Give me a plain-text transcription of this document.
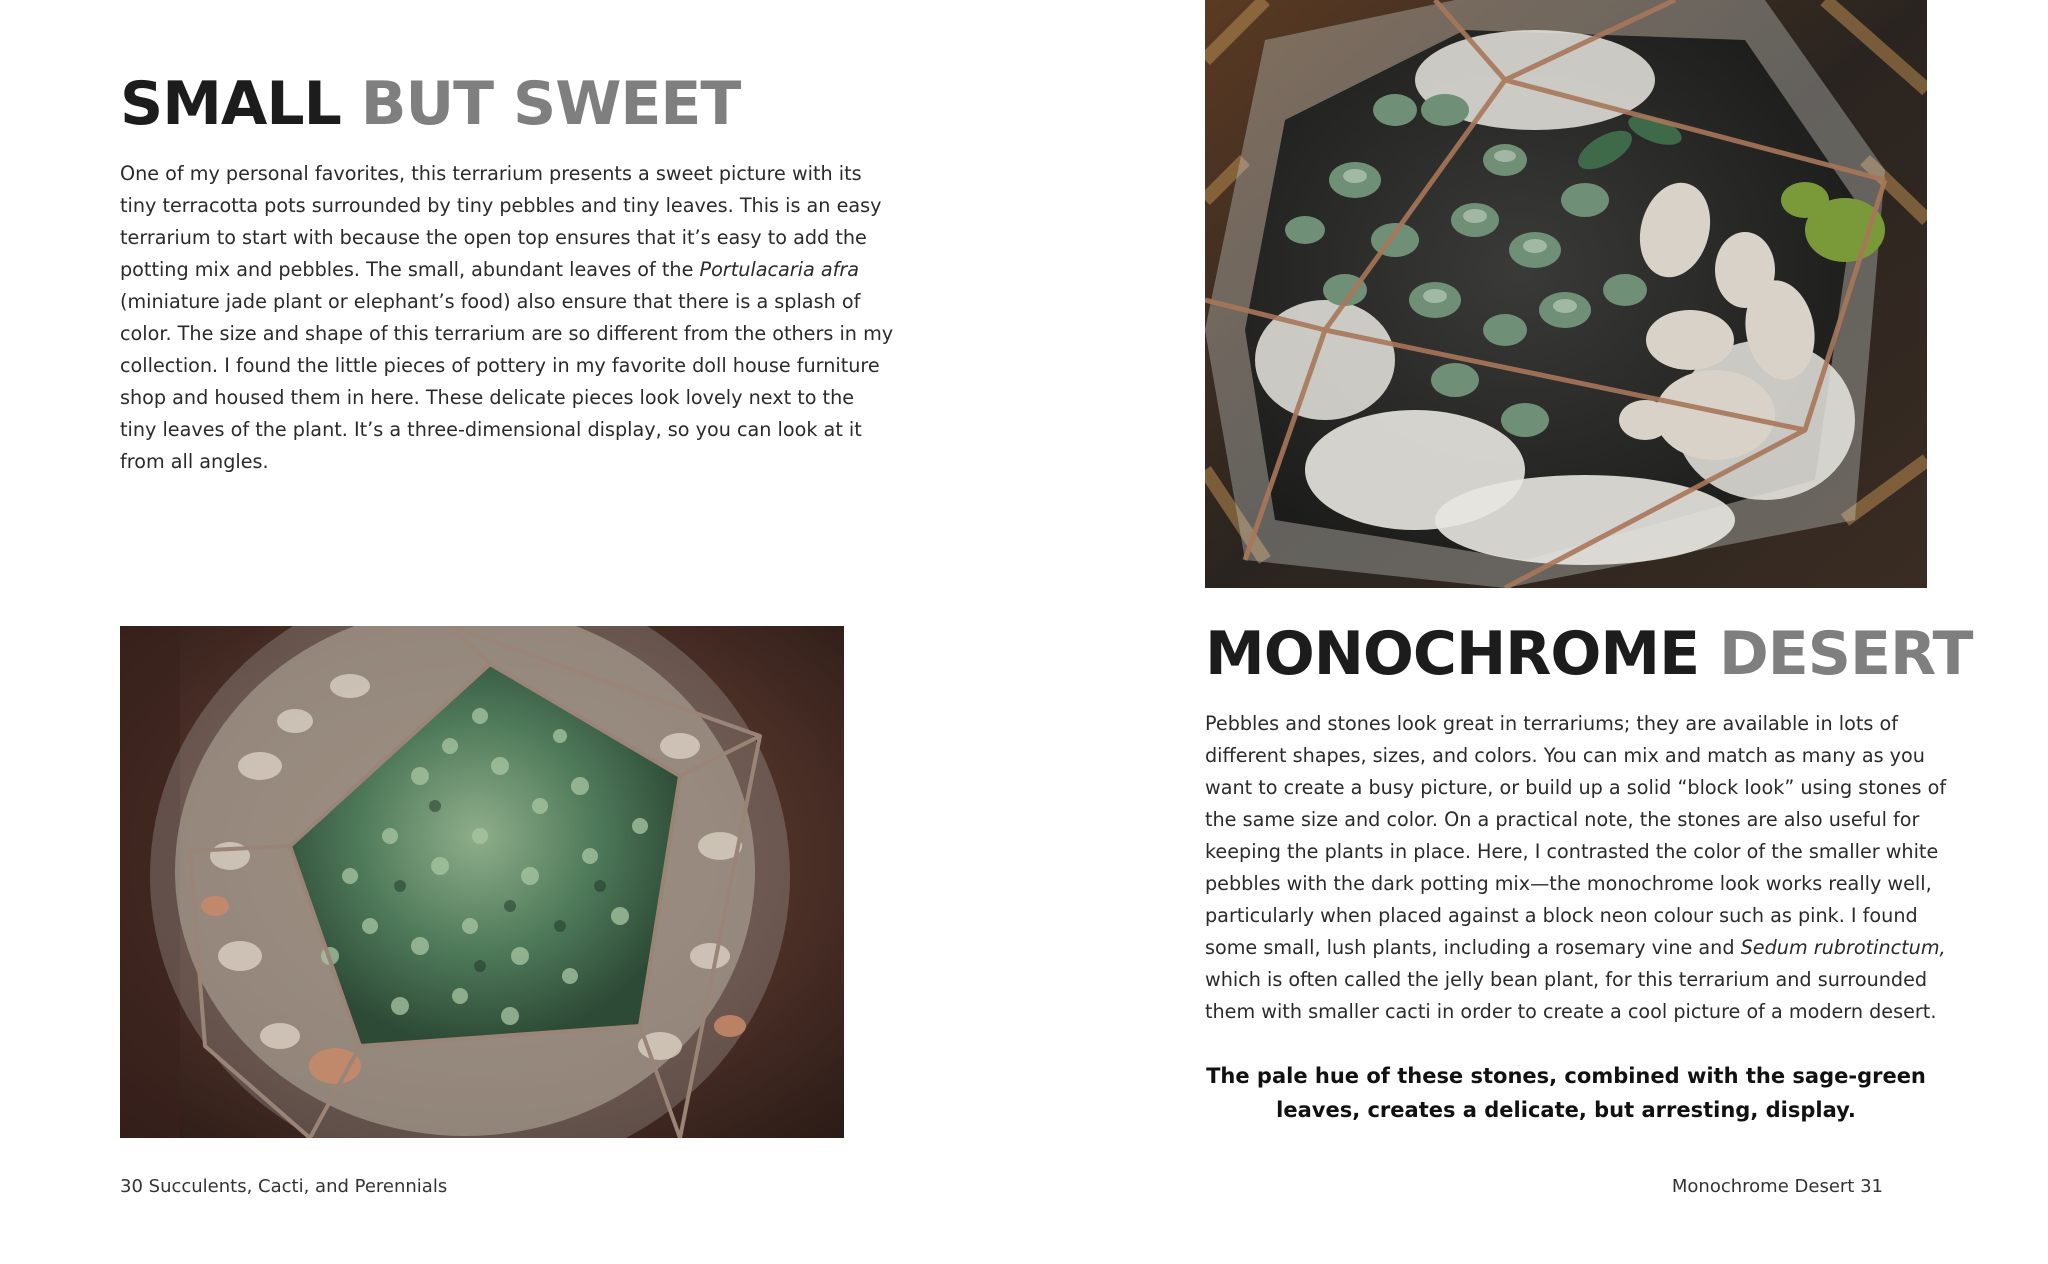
SMALL BUT SWEET
One of my personal favorites, this terrarium presents a sweet picture with its
tiny terracotta pots surrounded by tiny pebbles and tiny leaves. This is an easy
terrarium to start with because the open top ensures that it’s easy to add the
potting mix and pebbles. The small, abundant leaves of the Portulacaria afra
(miniature jade plant or elephant’s food) also ensure that there is a splash of
color. The size and shape of this terrarium are so different from the others in my
collection. I found the little pieces of pottery in my favorite doll house furniture
shop and housed them in here. These delicate pieces look lovely next to the
tiny leaves of the plant. It’s a three-dimensional display, so you can look at it
from all angles.

30 Succulents, Cacti, and Perennials

MONOCHROME DESERT
Pebbles and stones look great in terrariums; they are available in lots of
different shapes, sizes, and colors. You can mix and match as many as you
want to create a busy picture, or build up a solid “block look” using stones of
the same size and color. On a practical note, the stones are also useful for
keeping the plants in place. Here, I contrasted the color of the smaller white
pebbles with the dark potting mix—the monochrome look works really well,
particularly when placed against a block neon colour such as pink. I found
some small, lush plants, including a rosemary vine and Sedum rubrotinctum,
which is often called the jelly bean plant, for this terrarium and surrounded
them with smaller cacti in order to create a cool picture of a modern desert.
The pale hue of these stones, combined with the sage-green
leaves, creates a delicate, but arresting, display.

Monochrome Desert 31
